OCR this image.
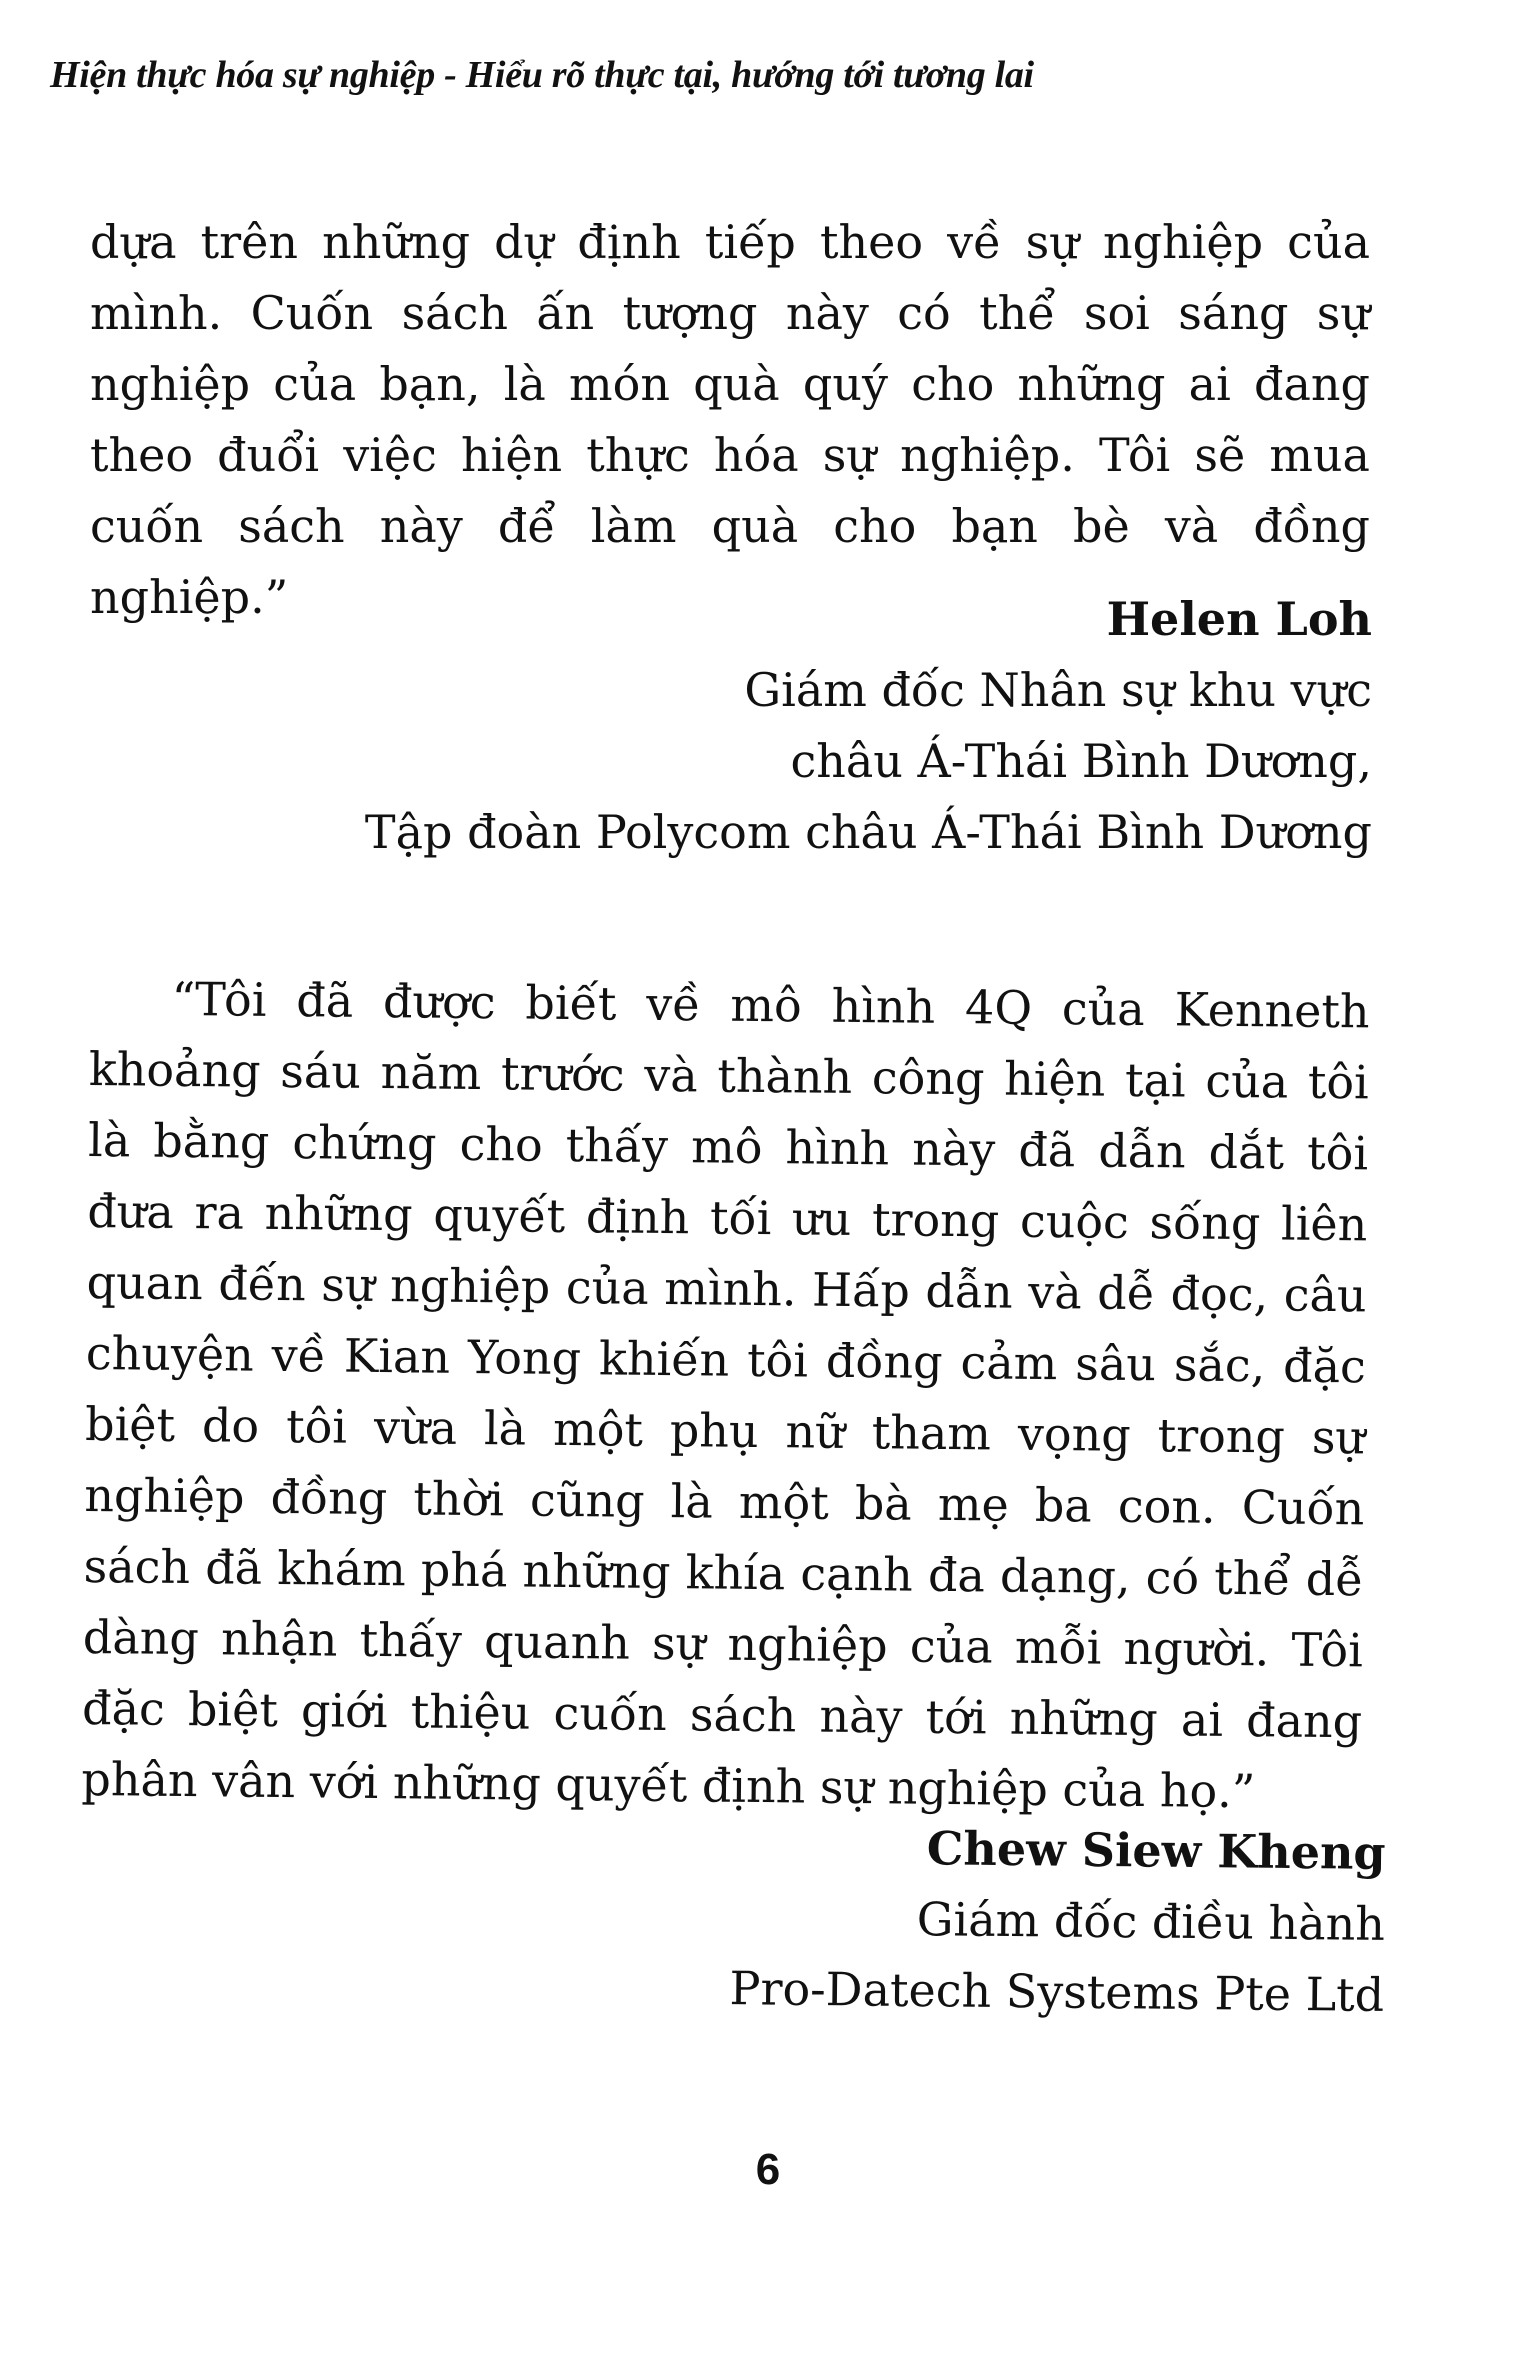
Hiện thực hóa sự nghiệp - Hiểu rõ thực tại, hướng tới tương lai

dựa trên những dự định tiếp theo về sự nghiệp của mình. Cuốn sách ấn tượng này có thể soi sáng sự nghiệp của bạn, là món quà quý cho những ai đang theo đuổi việc hiện thực hóa sự nghiệp. Tôi sẽ mua cuốn sách này để làm quà cho bạn bè và đồng nghiệp.”	Helen Loh
Giám đốc Nhân sự khu vực
châu Á-Thái Bình Dương,
Tập đoàn Polycom châu Á-Thái Bình Dương

“Tôi đã được biết về mô hình 4Q của Kenneth khoảng sáu năm trước và thành công hiện tại của tôi là bằng chứng cho thấy mô hình này đã dẫn dắt tôi đưa ra những quyết định tối ưu trong cuộc sống liên quan đến sự nghiệp của mình. Hấp dẫn và dễ đọc, câu chuyện về Kian Yong khiến tôi đồng cảm sâu sắc, đặc biệt do tôi vừa là một phụ nữ tham vọng trong sự nghiệp đồng thời cũng là một bà mẹ ba con. Cuốn sách đã khám phá những khía cạnh đa dạng, có thể dễ dàng nhận thấy quanh sự nghiệp của mỗi người. Tôi đặc biệt giới thiệu cuốn sách này tới những ai đang phân vân với những quyết định sự nghiệp của họ.”

Chew Siew Kheng
Giám đốc điều hành
Pro-Datech Systems Pte Ltd
6
